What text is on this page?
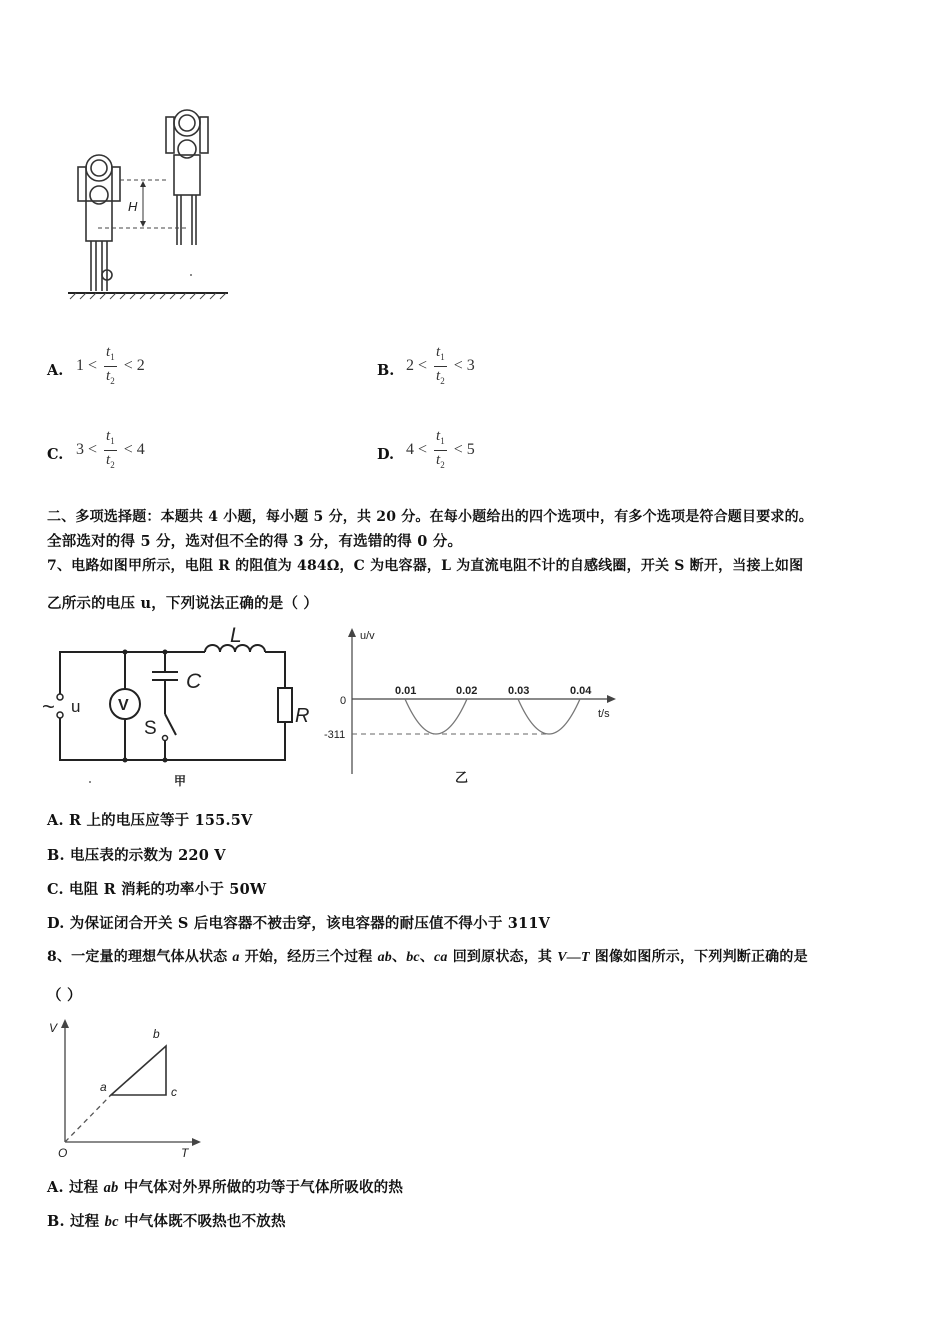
H
A. $1 < \frac{t_1}{t_2} < 2$	B. $2 < \frac{t_1}{t_2} < 3$
C. $3 < \frac{t_1}{t_2} < 4$	D. $4 < \frac{t_1}{t_2} < 5$
二、多项选择题：本题共 4 小题，每小题 5 分，共 20 分。在每小题给出的四个选项中，有多个选项是符合题目要求的。
全部选对的得 5 分，选对但不全的得 3 分，有选错的得 0 分。
7、电路如图甲所示，电阻 R 的阻值为 484Ω，C 为电容器，L 为直流电阻不计的自感线圈，开关 S 断开，当接上如图
乙所示的电压 u，下列说法正确的是（ ）
V
~ u
C
L
R
S
甲
u/v
t/s
0
-311
0.01	0.02	0.03	0.04
乙
A. R 上的电压应等于 155.5V
B. 电压表的示数为 220 V
C. 电阻 R 消耗的功率小于 50W
D. 为保证闭合开关 S 后电容器不被击穿，该电容器的耐压值不得小于 311V
8、一定量的理想气体从状态 a 开始，经历三个过程 ab、bc、ca 回到原状态，其 V—T 图像如图所示，下列判断正确的是
（ ）
V
T
O
a
b
c
A. 过程 ab 中气体对外界所做的功等于气体所吸收的热
B. 过程 bc 中气体既不吸热也不放热
